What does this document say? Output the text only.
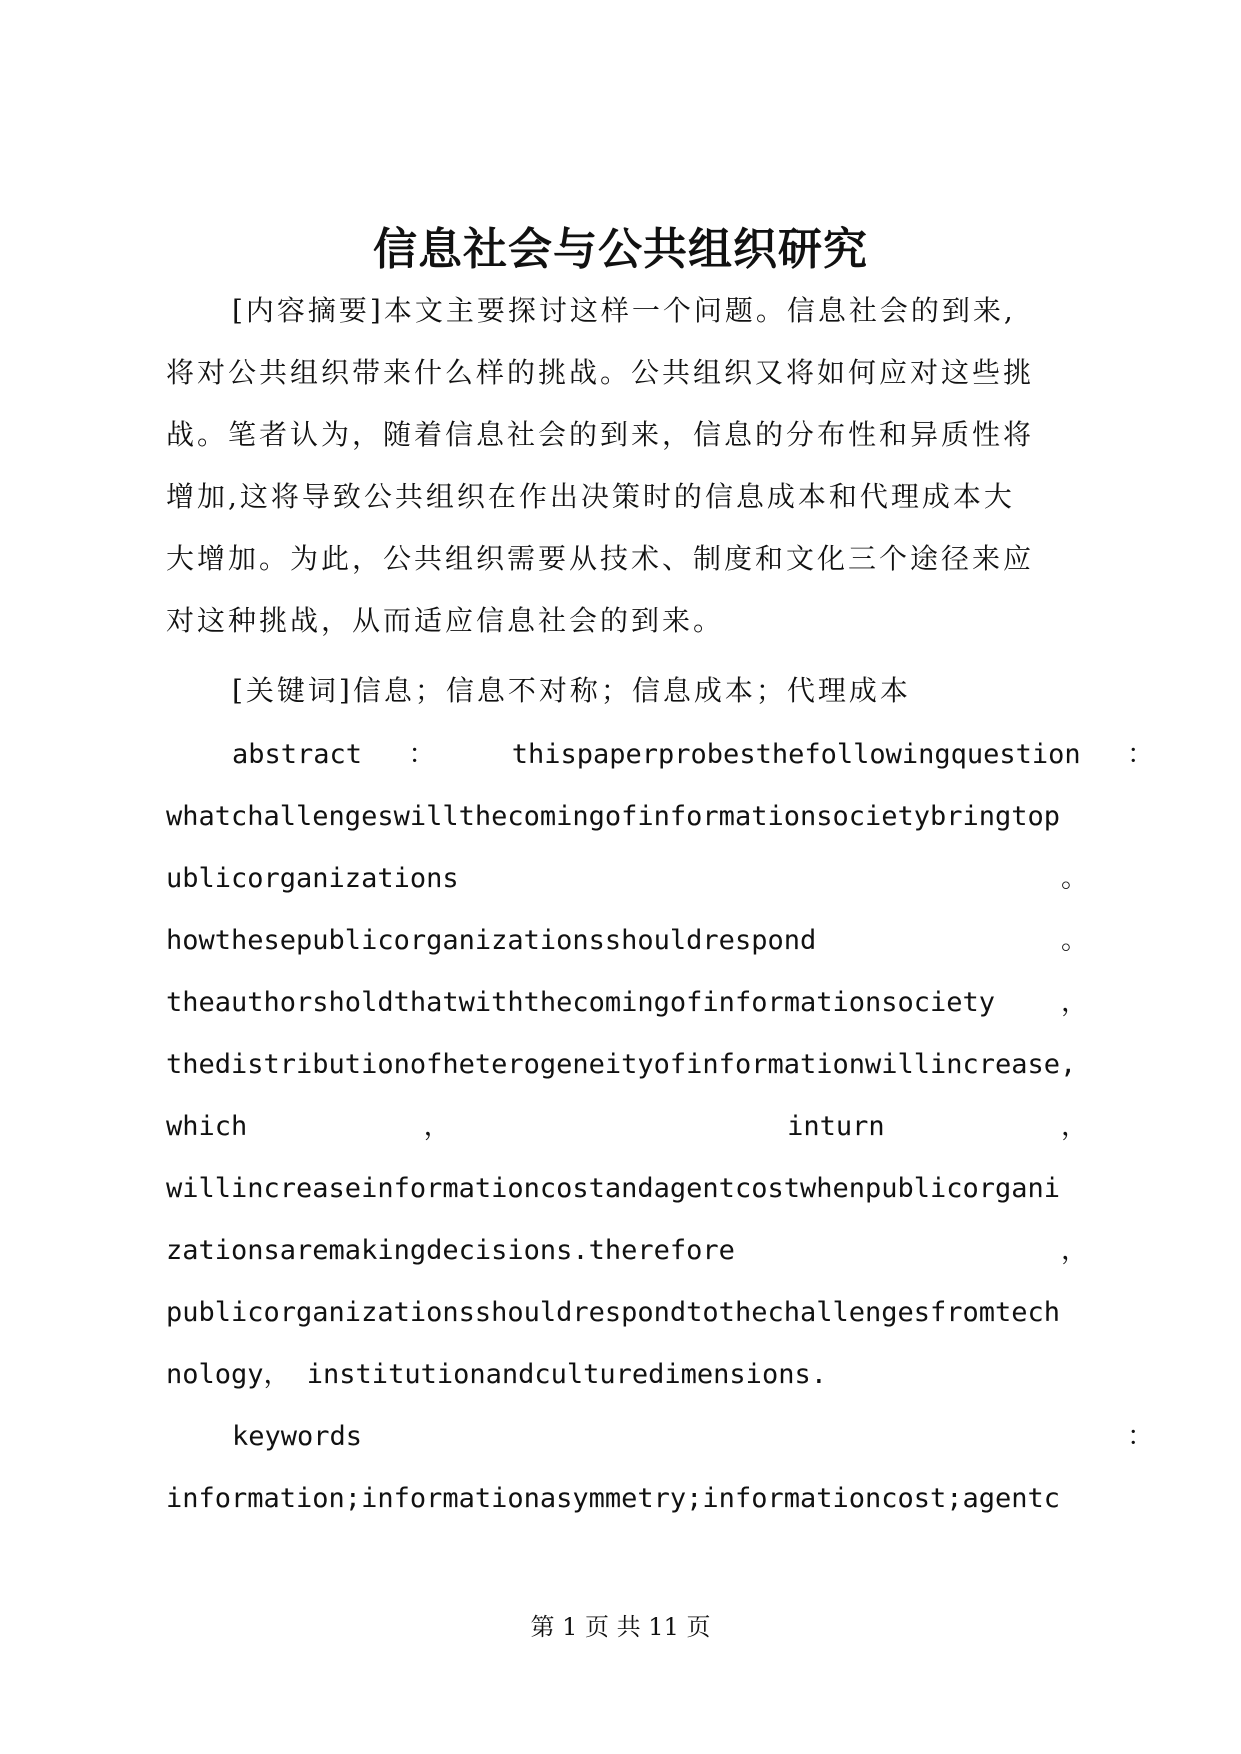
信息社会与公共组织研究
[内容摘要]本文主要探讨这样一个问题。信息社会的到来,
将对公共组织带来什么样的挑战。公共组织又将如何应对这些挑
战。笔者认为，随着信息社会的到来，信息的分布性和异质性将
增加,这将导致公共组织在作出决策时的信息成本和代理成本大
大增加。为此，公共组织需要从技术、制度和文化三个途径来应
对这种挑战，从而适应信息社会的到来。
[关键词]信息；信息不对称；信息成本；代理成本
abstract ： thispaperprobesthefollowingquestion ：
whatchallengeswillthecomingofinformationsocietybringtop
ublicorganizations 。
howthesepublicorganizationsshouldrespond 。
theauthorsholdthatwiththecomingofinformationsociety ，
thedistributionofheterogeneityofinformationwillincrease,
which ， inturn ，
willincreaseinformationcostandagentcostwhenpublicorgani
zationsaremakingdecisions.therefore ，
publicorganizationsshouldrespondtothechallengesfromtech
nology， institutionandculturedimensions.
keywords ：
information;informationasymmetry;informationcost;agentc
第 1 页 共 11 页
